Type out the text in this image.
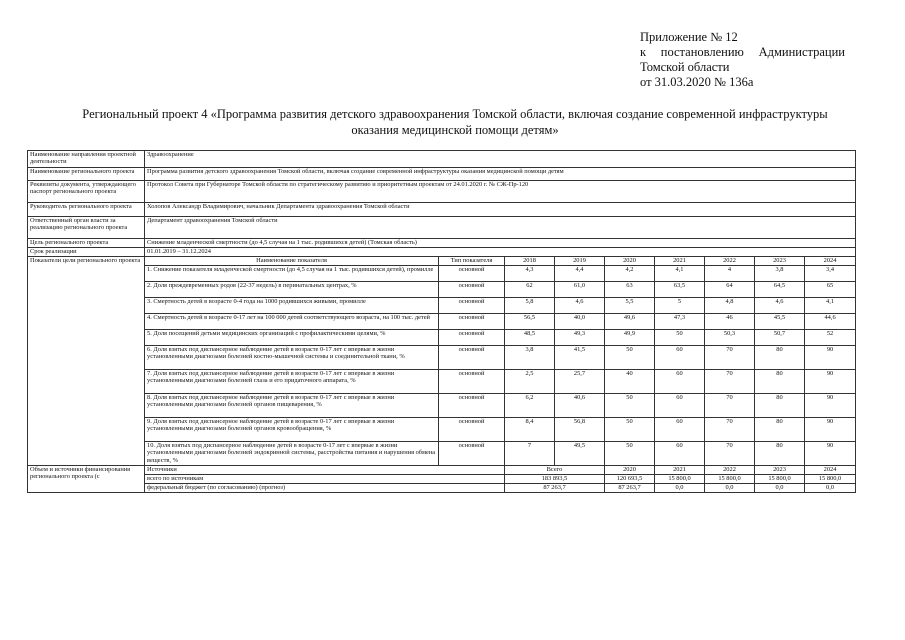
Приложение № 12
к постановлению Администрации
Томской области
от 31.03.2020 № 136а
Региональный проект 4 «Программа развития детского здравоохранения Томской области, включая создание современной инфраструктуры
оказания медицинской помощи детям»
Наименование направления проектной деятельности	Здравоохранение								
Наименование регионального проекта	Программа развития детского здравоохранения Томской области, включая создание современной инфраструктуры оказания медицинской помощи детям								
Реквизиты документа, утверждающего паспорт регионального проекта	Протокол Совета при Губернаторе Томской области по стратегическому развитию и приоритетным проектам от 24.01.2020 г. № СЖ-Пр-120								
Руководитель регионального проекта	Холопов Александр Владимирович, начальник Департамента здравоохранения Томской области								
Ответственный орган власти за реализацию регионального проекта	Департамент здравоохранения Томской области								
Цель регионального проекта	Снижение младенческой смертности (до 4,5 случая на 1 тыс. родившихся детей) (Томская область)								
Срок реализации	01.01.2019 – 31.12.2024								
Показатели цели регионального проекта	Наименование показателя	Тип показателя	2018	2019	2020	2021	2022	2023	2024
	1. Снижение показателя младенческой смертности (до 4,5 случая на 1 тыс. родившихся детей), промилле	основной	4,3	4,4	4,2	4,1	4	3,8	3,4
	2. Доля преждевременных родов (22-37 недель) в перинатальных центрах, %	основной	62	61,0	63	63,5	64	64,5	65
	3. Смертность детей в возрасте 0-4 года на 1000 родившихся живыми, промилле	основной	5,8	4,6	5,5	5	4,8	4,6	4,1
	4. Смертность детей в возрасте 0-17 лет на 100 000 детей соответствующего возраста, на 100 тыс. детей	основной	56,5	40,0	49,6	47,3	46	45,5	44,6
	5. Доля посещений детьми медицинских организаций с профилактическими целями, %	основной	48,5	49,3	49,9	50	50,3	50,7	52
	6. Доля взятых под диспансерное наблюдение детей в возрасте 0-17 лет с впервые в жизни установленными диагнозами болезней костно-мышечной системы и соединительной ткани, %	основной	3,8	41,5	50	60	70	80	90
	7. Доля взятых под диспансерное наблюдение детей в возрасте 0-17 лет с впервые в жизни установленными диагнозами болезней глаза и его придаточного аппарата, %	основной	2,5	25,7	40	60	70	80	90
	8. Доля взятых под диспансерное наблюдение детей в возрасте 0-17 лет с впервые в жизни установленными диагнозами болезней органов пищеварения, %	основной	6,2	40,6	50	60	70	80	90
	9. Доля взятых под диспансерное наблюдение детей в возрасте 0-17 лет с впервые в жизни установленными диагнозами болезней органов кровообращения, %	основной	8,4	56,8	50	60	70	80	90
	10. Доля взятых под диспансерное наблюдение детей в возрасте 0-17 лет с впервые в жизни установленными диагнозами болезней эндокринной системы, расстройства питания и нарушения обмена веществ, %	основной	7	49,5	50	60	70	80	90
Объем и источники финансирования регионального проекта (с	Источники		Всего		2020	2021	2022	2023	2024
	всего по источникам		183 893,5		120 693,5	15 800,0	15 800,0	15 800,0	15 800,0
	федеральный бюджет (по согласованию) (прогноз)		87 263,7		87 263,7	0,0	0,0	0,0	0,0
